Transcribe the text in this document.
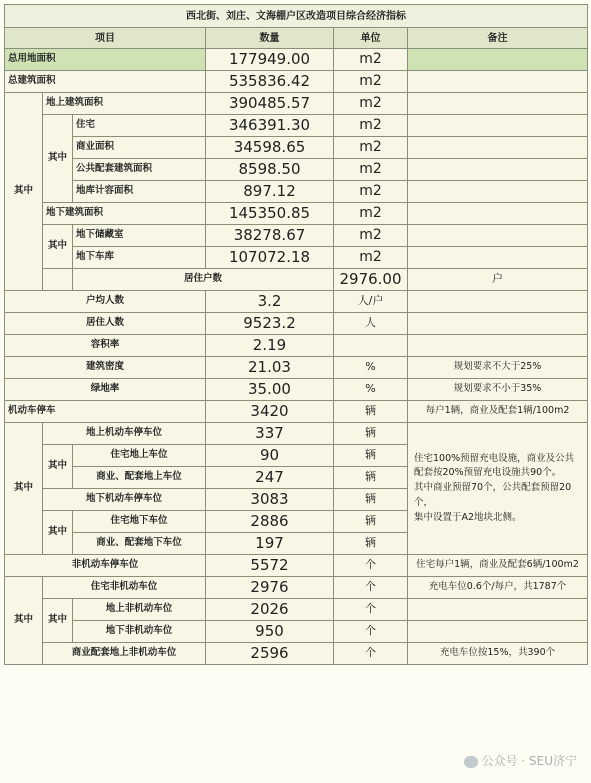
西北街、刘庄、文海棚户区改造项目综合经济指标						
项目			数量	单位	备注	
总用地面积			177949.00	m2		
总建筑面积			535836.42	m2		
其中	地上建筑面积		390485.57	m2		
	其中	住宅	346391.30	m2		
		商业面积	34598.65	m2		
		公共配套建筑面积	8598.50	m2		
		地库计容面积	897.12	m2		
	地下建筑面积		145350.85	m2		
	其中	地下储藏室	38278.67	m2		
		地下车库	107072.18	m2		
		居住户数		2976.00	户	
户均人数			3.2	人/户		
居住人数			9523.2	人		
容积率			2.19			
建筑密度			21.03	%	规划要求不大于25%	
绿地率			35.00	%	规划要求不小于35%	
机动车停车			3420	辆	每户1辆，商业及配套1辆/100m2	
其中	地上机动车停车位		337	辆	住宅100%预留充电设施，商业及公共
配套按20%预留充电设施共90个。
其中商业预留70个，公共配套预留20个，
集中设置于A2地块北侧。	

	其中	住宅地上车位	90	辆		
		商业、配套地上车位	247	辆		
	地下机动车停车位		3083	辆		
	其中	住宅地下车位	2886	辆		
		商业、配套地下车位	197	辆		
非机动车停车位			5572	个	住宅每户1辆，商业及配套6辆/100m2	
其中	住宅非机动车位		2976	个	充电车位0.6个/每户，共1787个	
	其中	地上非机动车位	2026	个		
		地下非机动车位	950	个		
	商业配套地上非机动车位		2596	个	充电车位按15%，共390个	
公众号 · SEU济宁
